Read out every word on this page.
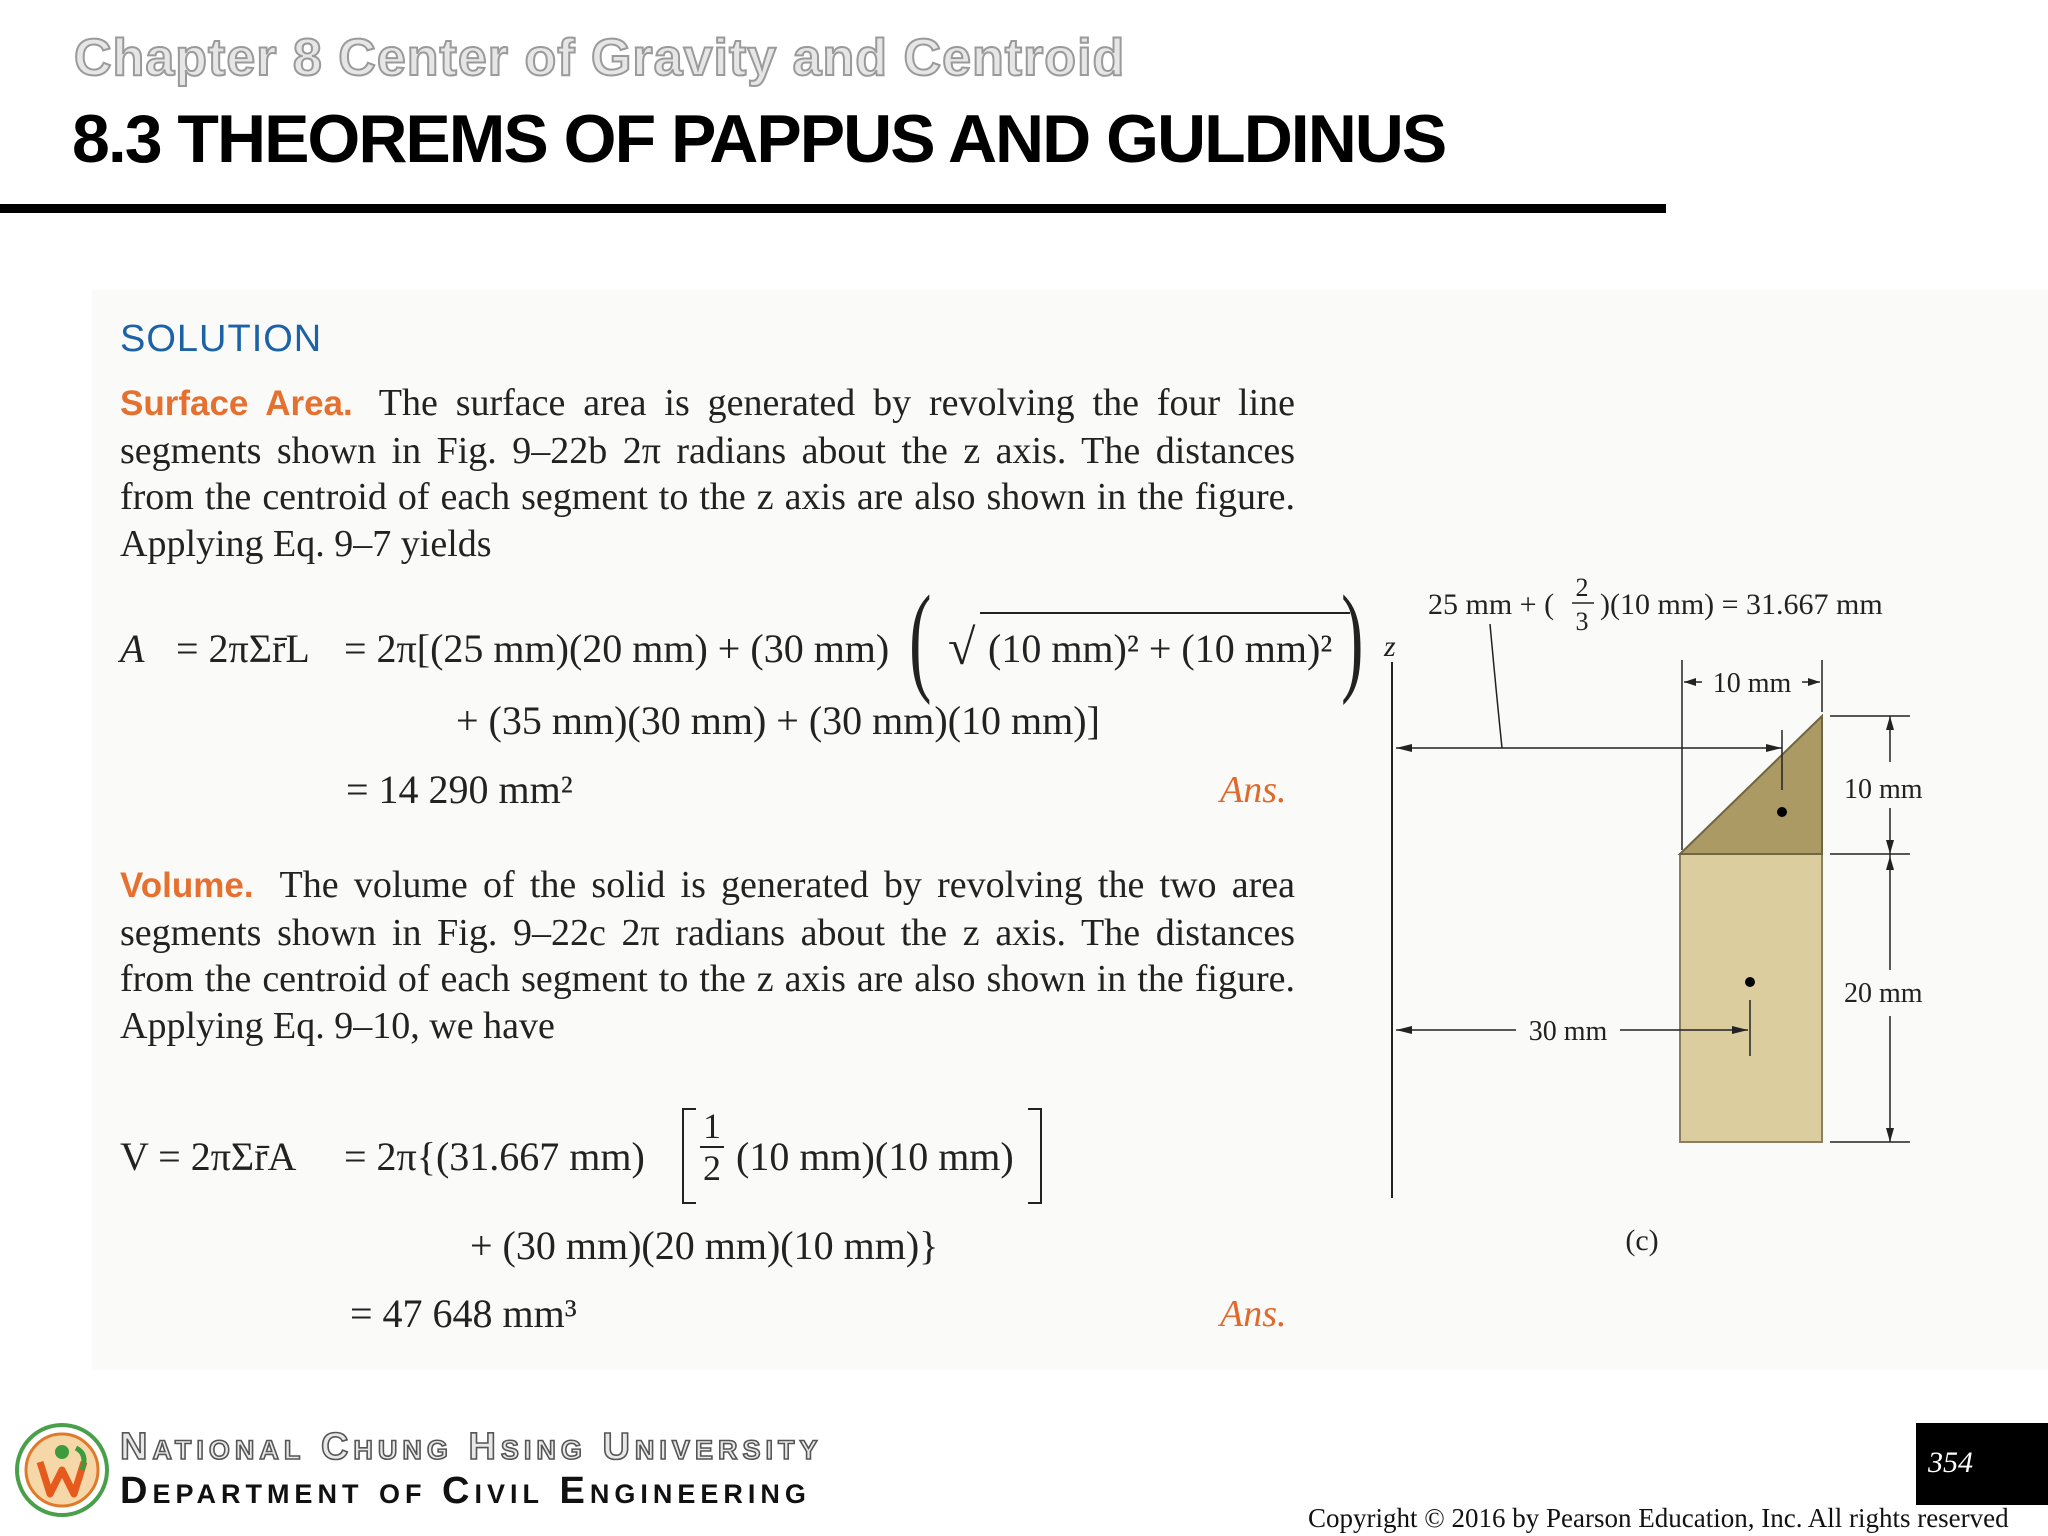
Chapter 8 Center of Gravity and Centroid
8.3 THEOREMS OF PAPPUS AND GULDINUS
SOLUTION
Surface Area. The surface area is generated by revolving the four line segments shown in Fig. 9–22b 2π radians about the z axis. The distances from the centroid of each segment to the z axis are also shown in the figure. Applying Eq. 9–7 yields
A = 2πΣr̄L = 2π[(25 mm)(20 mm) + (30 mm) ( √ (10 mm)² + (10 mm)² )
+ (35 mm)(30 mm) + (30 mm)(10 mm)]
= 14 290 mm²	Ans.
Volume. The volume of the solid is generated by revolving the two area segments shown in Fig. 9–22c 2π radians about the z axis. The distances from the centroid of each segment to the z axis are also shown in the figure. Applying Eq. 9–10, we have
V = 2πΣr̄A = 2π{(31.667 $mm) \frac{1}{2} (10$ mm)(10 mm)
+ (30 mm)(20 mm)(10 mm)}
= 47 648 mm³	Ans.
z
25 mm + (
2
3
)(10 mm) = 31.667 mm
10 mm
10 mm
20 mm
30 mm
(c)
National Chung Hsing University
Department of Civil Engineering
354
Copyright © 2016 by Pearson Education, Inc. All rights reserved
